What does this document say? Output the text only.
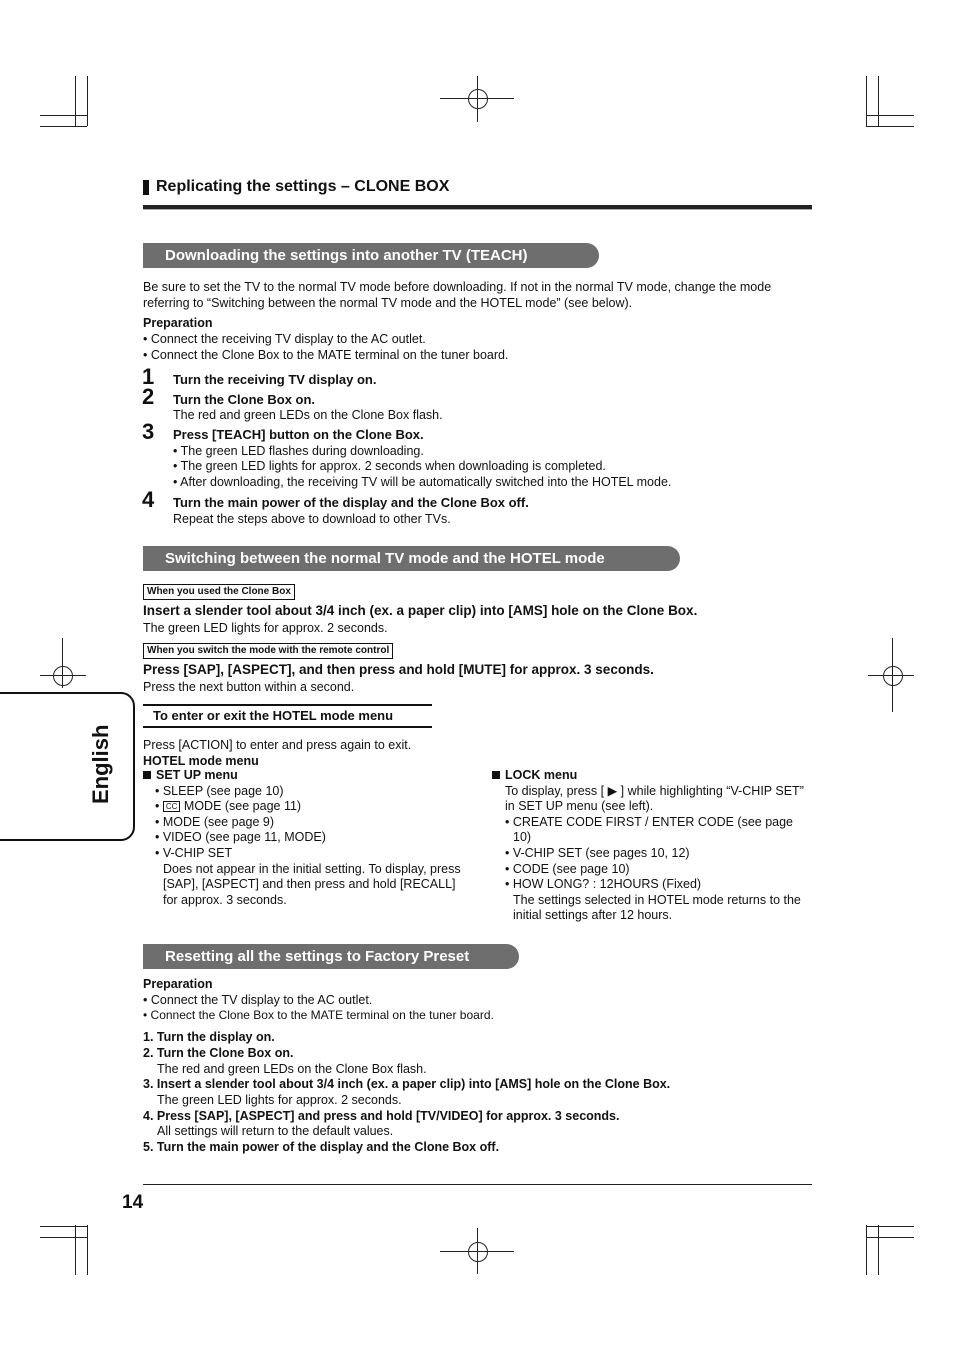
English
Replicating the settings – CLONE BOX
Downloading the settings into another TV (TEACH)
Be sure to set the TV to the normal TV mode before downloading. If not in the normal TV mode, change the mode referring to “Switching between the normal TV mode and the HOTEL mode” (see below).
Preparation
• Connect the receiving TV display to the AC outlet.
• Connect the Clone Box to the MATE terminal on the tuner board.
1 Turn the receiving TV display on.
2 Turn the Clone Box on.
The red and green LEDs on the Clone Box flash.
3 Press [TEACH] button on the Clone Box.
• The green LED flashes during downloading.
• The green LED lights for approx. 2 seconds when downloading is completed.
• After downloading, the receiving TV will be automatically switched into the HOTEL mode.
4 Turn the main power of the display and the Clone Box off.
Repeat the steps above to download to other TVs.
Switching between the normal TV mode and the HOTEL mode
When you used the Clone Box
Insert a slender tool about 3/4 inch (ex. a paper clip) into [AMS] hole on the Clone Box.
The green LED lights for approx. 2 seconds.
When you switch the mode with the remote control
Press [SAP], [ASPECT], and then press and hold [MUTE] for approx. 3 seconds.
Press the next button within a second.
To enter or exit the HOTEL mode menu
Press [ACTION] to enter and press again to exit.
HOTEL mode menu
SET UP menu
• SLEEP (see page 10)
• CC MODE (see page 11)
• MODE (see page 9)
• VIDEO (see page 11, MODE)
• V-CHIP SET
Does not appear in the initial setting. To display, press
[SAP], [ASPECT] and then press and hold [RECALL]
for approx. 3 seconds.
LOCK menu
To display, press [ ▶ ] while highlighting “V-CHIP SET”
in SET UP menu (see left).
• CREATE CODE FIRST / ENTER CODE (see page
10)
• V-CHIP SET (see pages 10, 12)
• CODE (see page 10)
• HOW LONG? : 12HOURS (Fixed)
The settings selected in HOTEL mode returns to the
initial settings after 12 hours.
Resetting all the settings to Factory Preset
Preparation
• Connect the TV display to the AC outlet.
• Connect the Clone Box to the MATE terminal on the tuner board.
1. Turn the display on.
2. Turn the Clone Box on.
The red and green LEDs on the Clone Box flash.
3. Insert a slender tool about 3/4 inch (ex. a paper clip) into [AMS] hole on the Clone Box.
The green LED lights for approx. 2 seconds.
4. Press [SAP], [ASPECT] and press and hold [TV/VIDEO] for approx. 3 seconds.
All settings will return to the default values.
5. Turn the main power of the display and the Clone Box off.
14
